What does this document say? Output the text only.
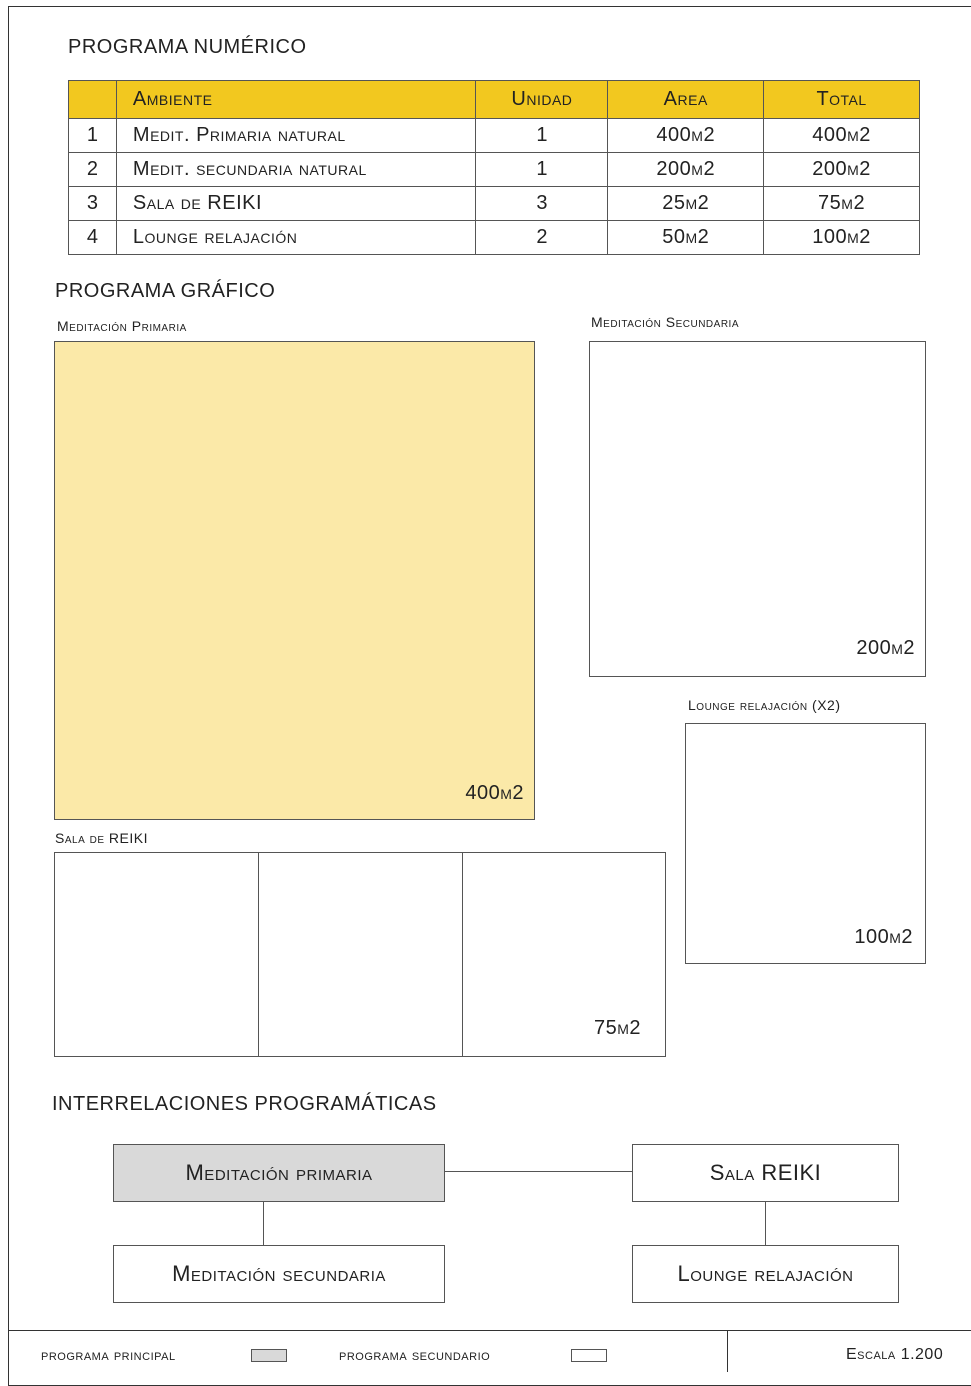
PROGRAMA NUMÉRICO
	Ambiente	Unidad	Area	Total
1	Medit. Primaria natural	1	400m2	400m2
2	Medit. secundaria natural	1	200m2	200m2
3	Sala de REIKI	3	25m2	75m2
4	Lounge relajación	2	50m2	100m2
PROGRAMA GRÁFICO
Meditación Primaria
400m2
Meditación Secundaria
200m2
Lounge relajación (X2)
100m2
Sala de REIKI
75m2
INTERRELACIONES PROGRAMÁTICAS
Meditación primaria	Sala REIKI
Meditación secundaria	Lounge relajación
programa principal	programa secundario	Escala 1.200
